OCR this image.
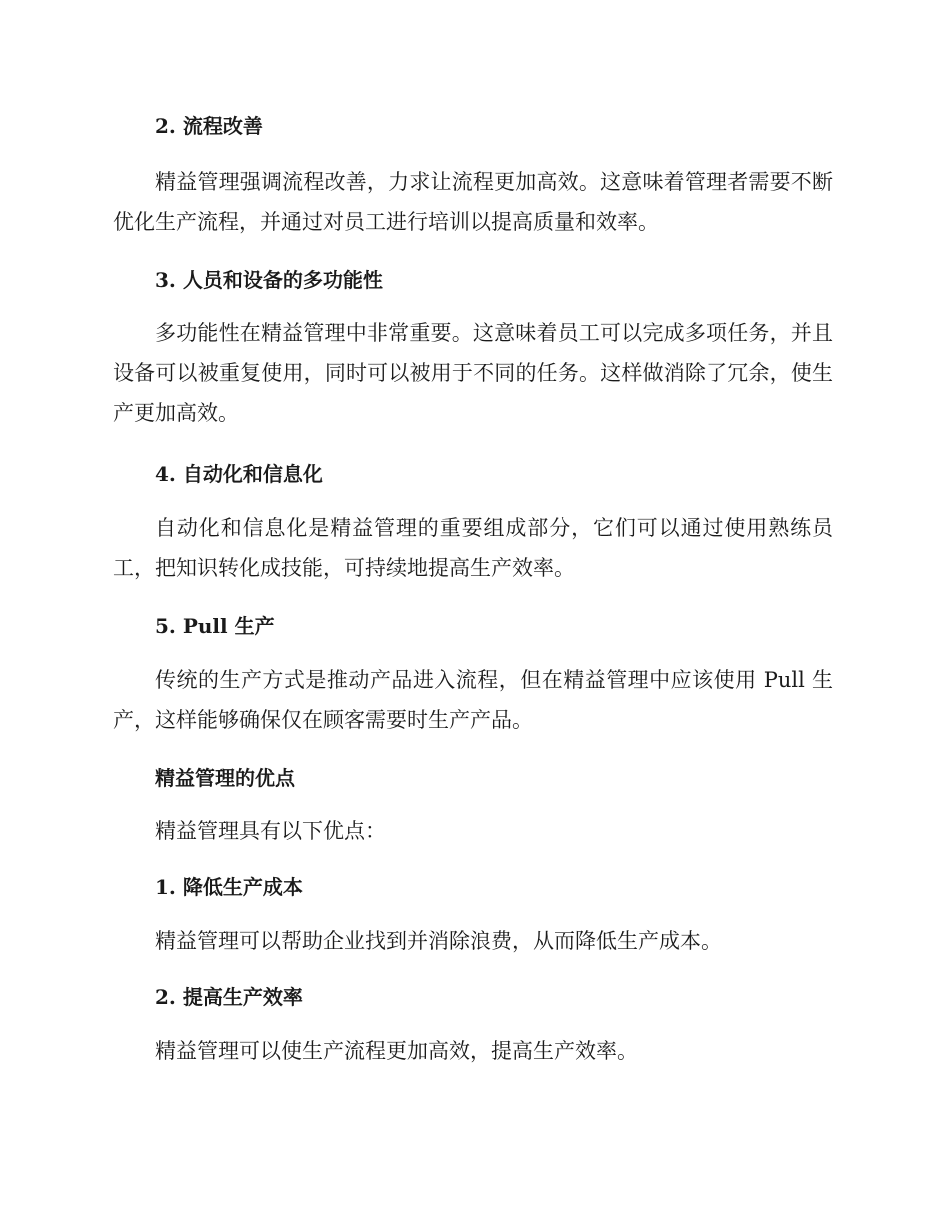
2. 流程改善

精益管理强调流程改善，力求让流程更加高效。这意味着管理者需要不断优化生产流程，并通过对员工进行培训以提高质量和效率。

3. 人员和设备的多功能性

多功能性在精益管理中非常重要。这意味着员工可以完成多项任务，并且设备可以被重复使用，同时可以被用于不同的任务。这样做消除了冗余，使生产更加高效。

4. 自动化和信息化

自动化和信息化是精益管理的重要组成部分，它们可以通过使用熟练员工，把知识转化成技能，可持续地提高生产效率。

5. Pull 生产

传统的生产方式是推动产品进入流程，但在精益管理中应该使用 Pull 生产，这样能够确保仅在顾客需要时生产产品。

精益管理的优点

精益管理具有以下优点：

1. 降低生产成本

精益管理可以帮助企业找到并消除浪费，从而降低生产成本。

2. 提高生产效率

精益管理可以使生产流程更加高效，提高生产效率。
